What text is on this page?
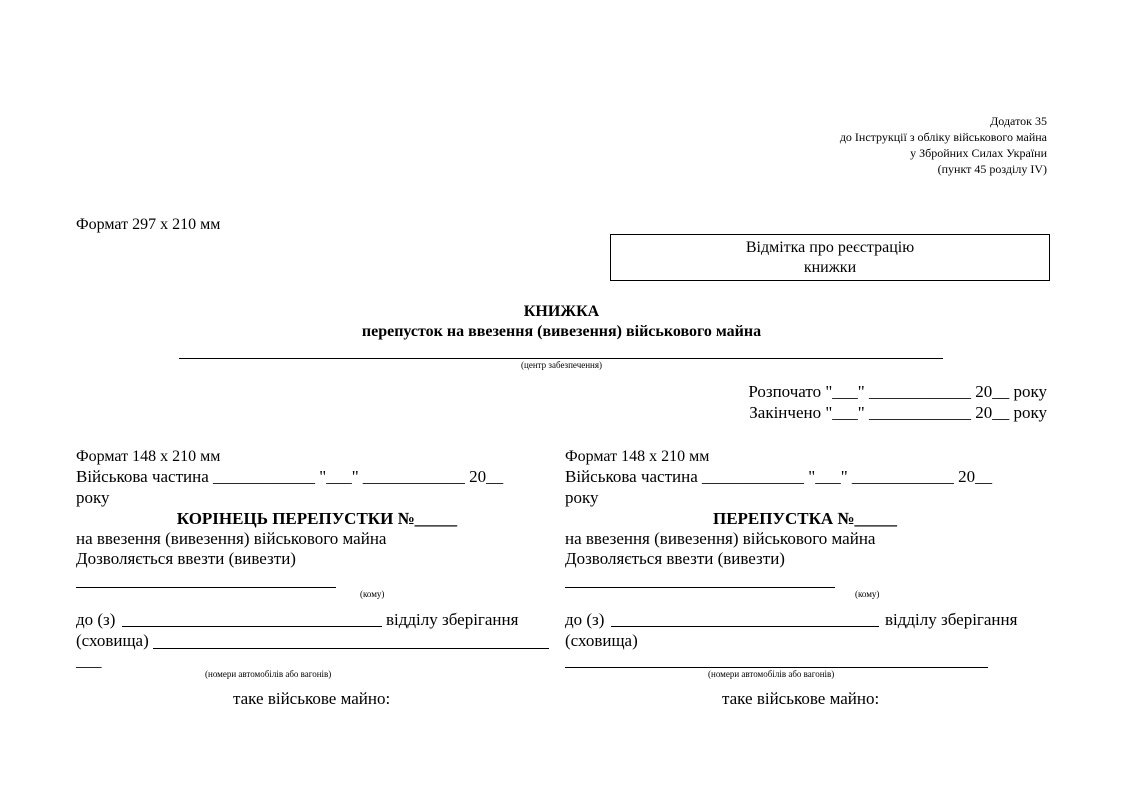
Додаток 35
до Інструкції з обліку військового майна
у Збройних Силах України
(пункт 45 розділу IV)
Формат 297 х 210 мм
Відмітка про реєстрацію
книжки
КНИЖКА
перепусток на ввезення (вивезення) військового майна
(центр забезпечення)
Розпочато "___" ____________ 20__ року
Закінчено "___" ____________ 20__ року
Формат 148 х 210 мм
Військова частина ____________ "___" ____________ 20__
року
КОРІНЕЦЬ ПЕРЕПУСТКИ №_____
на ввезення (вивезення) військового майна
Дозволяється ввезти (вивезти)
(кому)
до (з)	відділу зберігання
(сховища)
___
(номери автомобілів або вагонів)
таке військове майно:
Формат 148 х 210 мм
Військова частина ____________ "___" ____________ 20__
року
ПЕРЕПУСТКА №_____
на ввезення (вивезення) військового майна
Дозволяється ввезти (вивезти)
(кому)
до (з)	відділу зберігання
(сховища)
(номери автомобілів або вагонів)
таке військове майно:
